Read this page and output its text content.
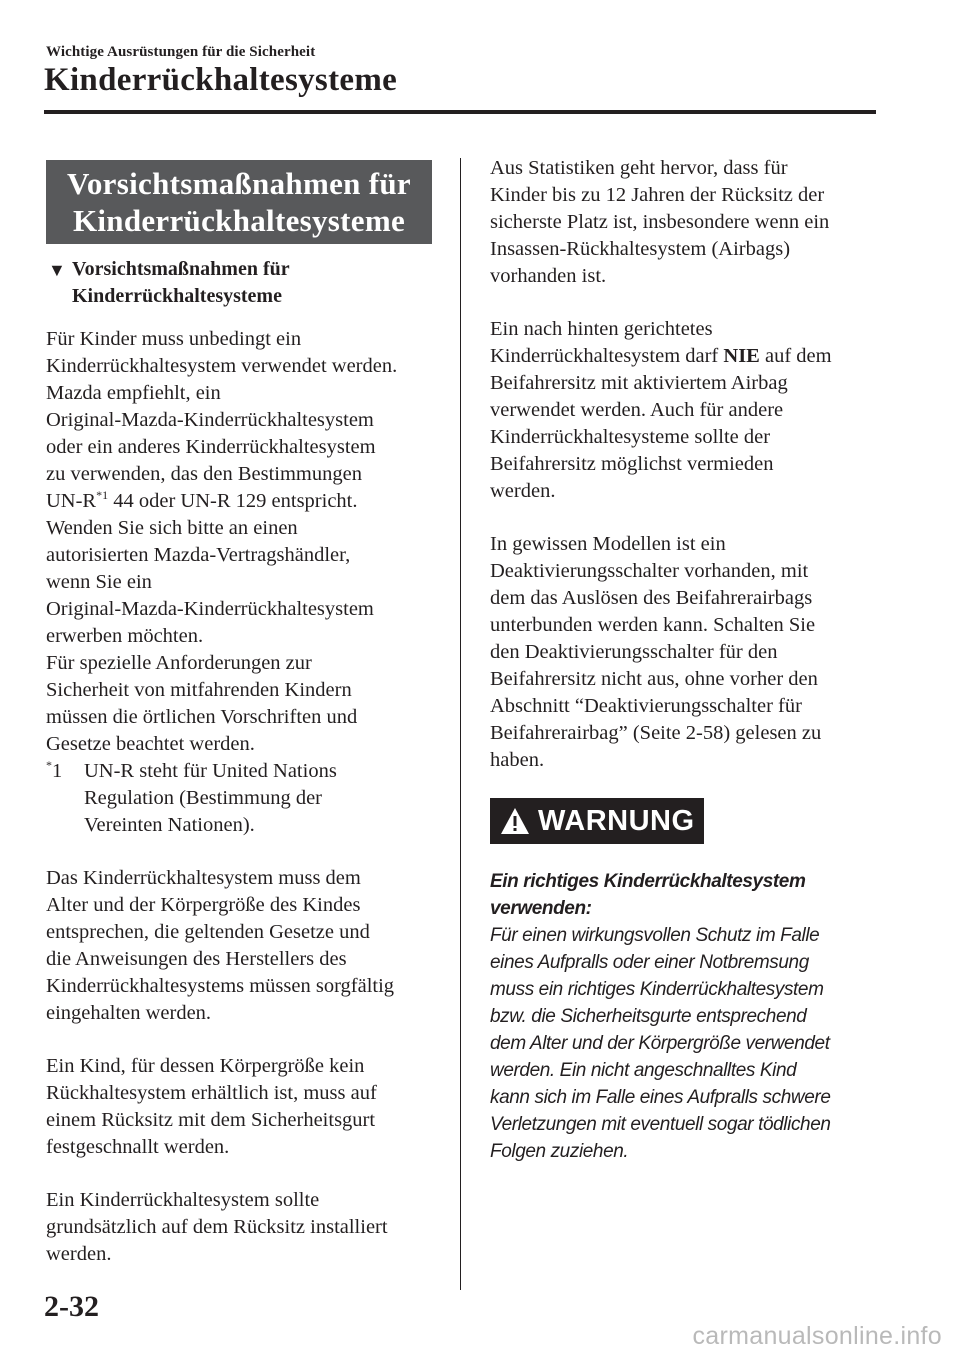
Wichtige Ausrüstungen für die Sicherheit
Kinderrückhaltesysteme
Vorsichtsmaßnahmen für
Kinderrückhaltesysteme
▼ Vorsichtsmaßnahmen für
Kinderrückhaltesysteme

Für Kinder muss unbedingt ein

Kinderrückhaltesystem verwendet werden.

Mazda empfiehlt, ein

Original-Mazda-Kinderrückhaltesystem

oder ein anderes Kinderrückhaltesystem

zu verwenden, das den Bestimmungen

$UN-R^{*1}$ 44 oder UN-R 129 entspricht.

Wenden Sie sich bitte an einen

autorisierten Mazda-Vertragshändler,

wenn Sie ein

Original-Mazda-Kinderrückhaltesystem

erwerben möchten.

Für spezielle Anforderungen zur

Sicherheit von mitfahrenden Kindern

müssen die örtlichen Vorschriften und

Gesetze beachtet werden.

*1 UN-R steht für United Nations

Regulation (Bestimmung der

Vereinten Nationen).

Das Kinderrückhaltesystem muss dem

Alter und der Körpergröße des Kindes

entsprechen, die geltenden Gesetze und

die Anweisungen des Herstellers des

Kinderrückhaltesystems müssen sorgfältig

eingehalten werden.

Ein Kind, für dessen Körpergröße kein

Rückhaltesystem erhältlich ist, muss auf

einem Rücksitz mit dem Sicherheitsgurt

festgeschnallt werden.

Ein Kinderrückhaltesystem sollte

grundsätzlich auf dem Rücksitz installiert

werden.

Aus Statistiken geht hervor, dass für

Kinder bis zu 12 Jahren der Rücksitz der

sicherste Platz ist, insbesondere wenn ein

Insassen-Rückhaltesystem (Airbags)

vorhanden ist.

Ein nach hinten gerichtetes

Kinderrückhaltesystem darf NIE auf dem

Beifahrersitz mit aktiviertem Airbag

verwendet werden. Auch für andere

Kinderrückhaltesysteme sollte der

Beifahrersitz möglichst vermieden

werden.

In gewissen Modellen ist ein

Deaktivierungsschalter vorhanden, mit

dem das Auslösen des Beifahrerairbags

unterbunden werden kann. Schalten Sie

den Deaktivierungsschalter für den

Beifahrersitz nicht aus, ohne vorher den

Abschnitt “Deaktivierungsschalter für

Beifahrerairbag” (Seite 2-58) gelesen zu

haben.

WARNUNG
Ein richtiges Kinderrückhaltesystem
verwenden:
Für einen wirkungsvollen Schutz im Falle
eines Aufpralls oder einer Notbremsung
muss ein richtiges Kinderrückhaltesystem
bzw. die Sicherheitsgurte entsprechend
dem Alter und der Körpergröße verwendet
werden. Ein nicht angeschnalltes Kind
kann sich im Falle eines Aufpralls schwere
Verletzungen mit eventuell sogar tödlichen
Folgen zuziehen.
2-32
carmanualsonline.info
